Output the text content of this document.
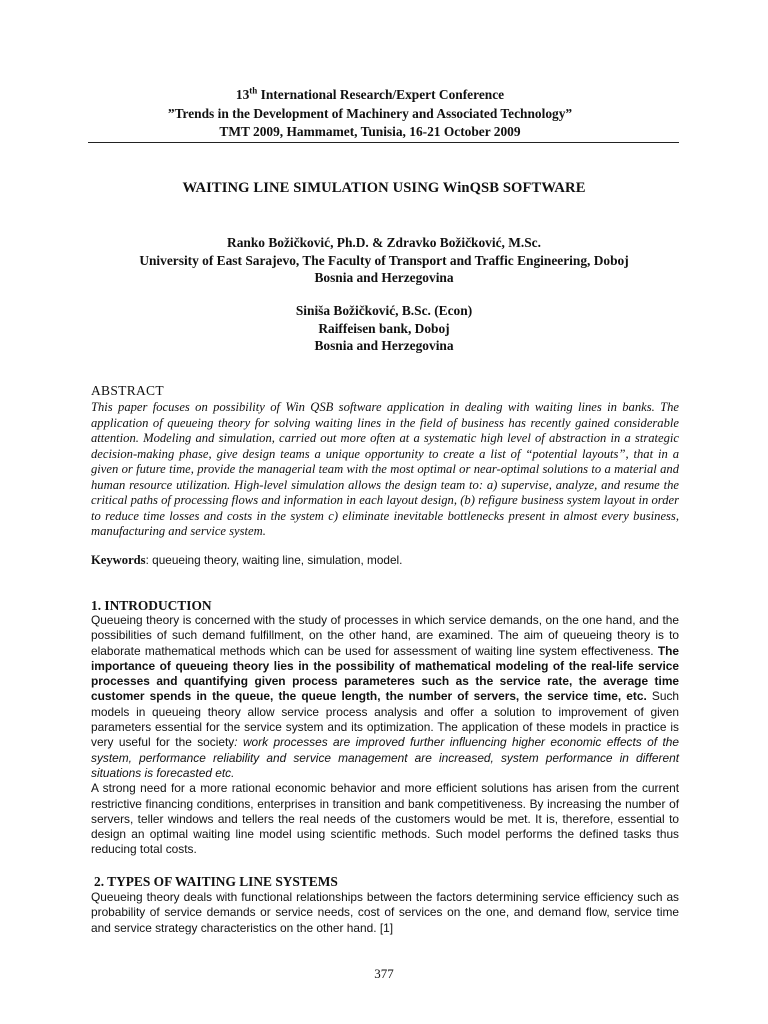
13th International Research/Expert Conference
”Trends in the Development of Machinery and Associated Technology”
TMT 2009, Hammamet, Tunisia, 16-21 October 2009
WAITING LINE SIMULATION USING WinQSB SOFTWARE
Ranko Božičković, Ph.D. & Zdravko Božičković, M.Sc.
University of East Sarajevo, The Faculty of Transport and Traffic Engineering, Doboj
Bosnia and Herzegovina
Siniša Božičković, B.Sc. (Econ)
Raiffeisen bank, Doboj
Bosnia and Herzegovina
ABSTRACT
This paper focuses on possibility of Win QSB software application in dealing with waiting lines in banks. The application of queueing theory for solving waiting lines in the field of business has recently gained considerable attention. Modeling and simulation, carried out more often at a systematic high level of abstraction in a strategic decision-making phase, give design teams a unique opportunity to create a list of “potential layouts”, that in a given or future time, provide the managerial team with the most optimal or near-optimal solutions to a material and human resource utilization. High-level simulation allows the design team to: a) supervise, analyze, and resume the critical paths of processing flows and information in each layout design, (b) refigure business system layout in order to reduce time losses and costs in the system c) eliminate inevitable bottlenecks present in almost every business, manufacturing and service system.
Keywords: queueing theory, waiting line, simulation, model.
1. INTRODUCTION
Queueing theory is concerned with the study of processes in which service demands, on the one hand, and the possibilities of such demand fulfillment, on the other hand, are examined. The aim of queueing theory is to elaborate mathematical methods which can be used for assessment of waiting line system effectiveness. The importance of queueing theory lies in the possibility of mathematical modeling of the real-life service processes and quantifying given process parameteres such as the service rate, the average time customer spends in the queue, the queue length, the number of servers, the service time, etc. Such models in queueing theory allow service process analysis and offer a solution to improvement of given parameters essential for the service system and its optimization. The application of these models in practice is very useful for the society: work processes are improved further influencing higher economic effects of the system, performance reliability and service management are increased, system performance in different situations is forecasted etc.
A strong need for a more rational economic behavior and more efficient solutions has arisen from the current restrictive financing conditions, enterprises in transition and bank competitiveness. By increasing the number of servers, teller windows and tellers the real needs of the customers would be met. It is, therefore, essential to design an optimal waiting line model using scientific methods. Such model performs the defined tasks thus reducing total costs.
2. TYPES OF WAITING LINE SYSTEMS
Queueing theory deals with functional relationships between the factors determining service efficiency such as probability of service demands or service needs, cost of services on the one, and demand flow, service time and service strategy characteristics on the other hand. [1]
377
